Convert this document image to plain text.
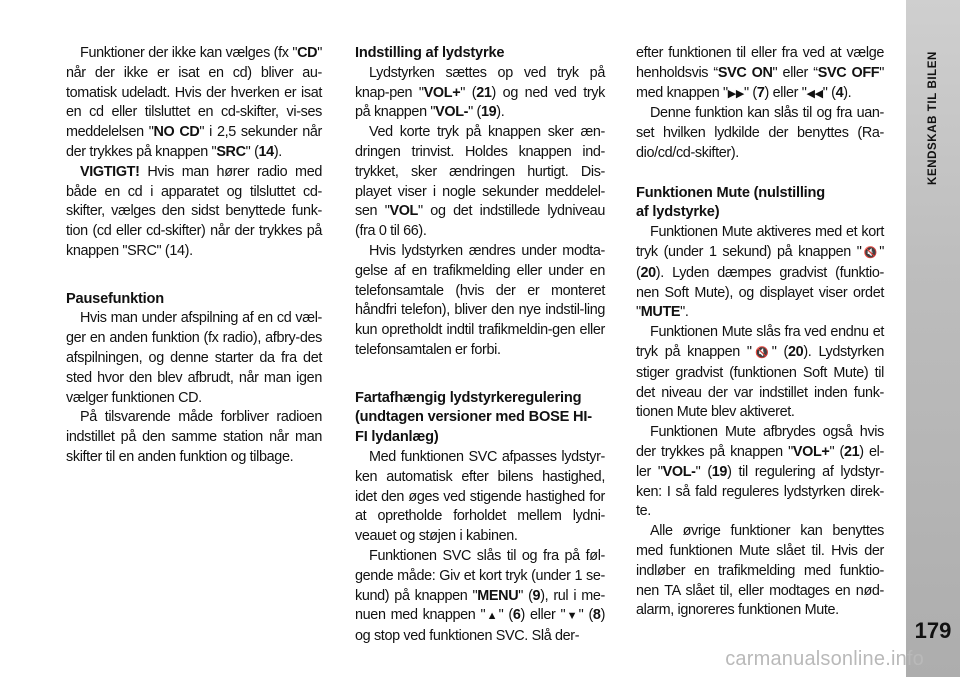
Funktioner der ikke kan vælges (fx "CD" når der ikke er isat en cd) bliver au-tomatisk udeladt. Hvis der hverken er isat en cd eller tilsluttet en cd-skifter, vi-ses meddelelsen "NO CD" i 2,5 sekunder når der trykkes på knappen "SRC" (14).

VIGTIGT! Hvis man hører radio med både en cd i apparatet og tilsluttet cd-skifter, vælges den sidst benyttede funk-tion (cd eller cd-skifter) når der trykkes på knappen "SRC" (14).

Pausefunktion

Hvis man under afspilning af en cd væl-ger en anden funktion (fx radio), afbry-des afspilningen, og denne starter da fra det sted hvor den blev afbrudt, når man igen vælger funktionen CD.

På tilsvarende måde forbliver radioen indstillet på den samme station når man skifter til en anden funktion og tilbage.

Indstilling af lydstyrke

Lydstyrken sættes op ved tryk på knap-pen "VOL+" (21) og ned ved tryk på knappen "VOL-" (19).

Ved korte tryk på knappen sker æn-dringen trinvist. Holdes knappen ind-trykket, sker ændringen hurtigt. Dis-playet viser i nogle sekunder meddelel-sen "VOL" og det indstillede lydniveau (fra 0 til 66).

Hvis lydstyrken ændres under modta-gelse af en trafikmelding eller under en telefonsamtale (hvis der er monteret håndfri telefon), bliver den nye indstil-ling kun opretholdt indtil trafikmeldin-gen eller telefonsamtalen er forbi.

Fartafhængig lydstyrkeregulering
(undtagen versioner med BOSE HI-
FI lydanlæg)

Med funktionen SVC afpasses lydstyr-ken automatisk efter bilens hastighed, idet den øges ved stigende hastighed for at opretholde forholdet mellem lydni-veauet og støjen i kabinen.

Funktionen SVC slås til og fra på føl-gende måde: Giv et kort tryk (under 1 se-kund) på knappen "MENU" (9), rul i me-nuen med knappen "▲" (6) eller "▼" (8) og stop ved funktionen SVC. Slå der-

efter funktionen til eller fra ved at vælge henholdsvis “SVC ON" eller “SVC OFF" med knappen "▶▶" (7) eller "◀◀" (4).

Denne funktion kan slås til og fra uan-set hvilken lydkilde der benyttes (Ra-dio/cd/cd-skifter).

Funktionen Mute (nulstilling
af lydstyrke)

Funktionen Mute aktiveres med et kort tryk (under 1 sekund) på knappen "🔇" (20). Lyden dæmpes gradvist (funktio-nen Soft Mute), og displayet viser ordet "MUTE".

Funktionen Mute slås fra ved endnu et tryk på knappen "🔇" (20). Lydstyrken stiger gradvist (funktionen Soft Mute) til det niveau der var indstillet inden funk-tionen Mute blev aktiveret.

Funktionen Mute afbrydes også hvis der trykkes på knappen "VOL+" (21) el-ler "VOL-" (19) til regulering af lydstyr-ken: I så fald reguleres lydstyrken direk-te.

Alle øvrige funktioner kan benyttes med funktionen Mute slået til. Hvis der indløber en trafikmelding med funktio-nen TA slået til, eller modtages en nød-alarm, ignoreres funktionen Mute.

KENDSKAB TIL BILEN
179
carmanualsonline.info
